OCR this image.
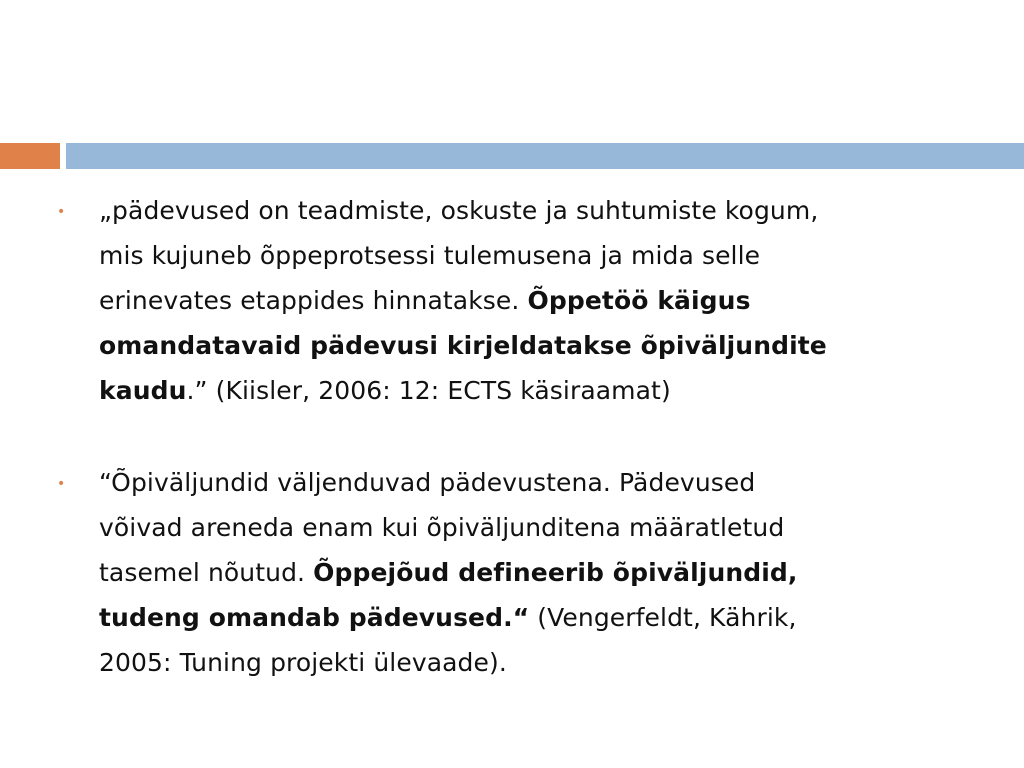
• „pädevused on teadmiste, oskuste ja suhtumiste kogum,
mis kujuneb õppeprotsessi tulemusena ja mida selle
erinevates etappides hinnatakse. Õppetöö käigus
omandatavaid pädevusi kirjeldatakse õpiväljundite
kaudu.” (Kiisler, 2006: 12: ECTS käsiraamat)
• “Õpiväljundid väljenduvad pädevustena. Pädevused
võivad areneda enam kui õpiväljunditena määratletud
tasemel nõutud. Õppejõud defineerib õpiväljundid,
tudeng omandab pädevused.“ (Vengerfeldt, Kährik,
2005: Tuning projekti ülevaade).
